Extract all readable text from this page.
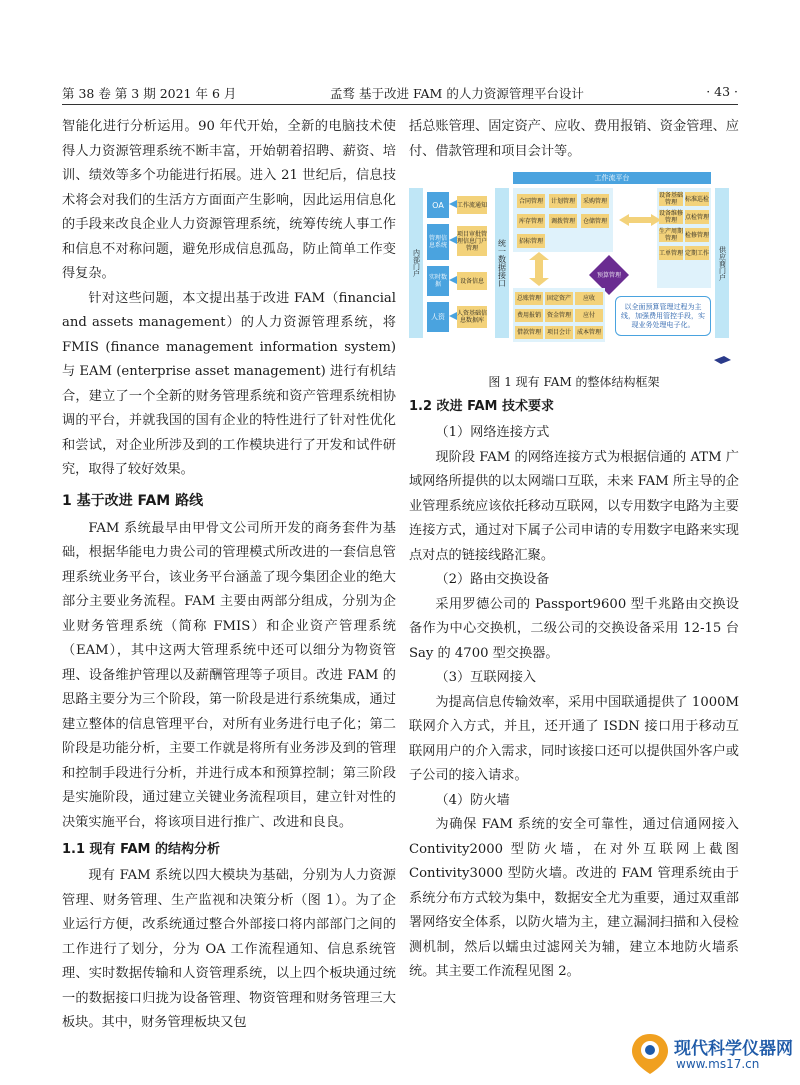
第 38 卷 第 3 期 2021 年 6 月	孟骛 基于改进 FAM 的人力资源管理平台设计	· 43 ·

智能化进行分析运用。90 年代开始，全新的电脑技术使得人力资源管理系统不断丰富，开始朝着招聘、薪资、培训、绩效等多个功能进行拓展。进入 21 世纪后，信息技术将会对我们的生活方方面面产生影响，因此运用信息化的手段来改良企业人力资源管理系统，统筹传统人事工作和信息不对称问题，避免形成信息孤岛，防止简单工作变得复杂。

针对这些问题，本文提出基于改进 FAM（financial and assets management）的人力资源管理系统，将 FMIS (finance management information system) 与 EAM (enterprise asset management) 进行有机结合，建立了一个全新的财务管理系统和资产管理系统相协调的平台，并就我国的国有企业的特性进行了针对性优化和尝试，对企业所涉及到的工作模块进行了开发和试件研究，取得了较好效果。

1 基于改进 FAM 路线

FAM 系统最早由甲骨文公司所开发的商务套件为基础，根据华能电力贵公司的管理模式所改进的一套信息管理系统业务平台，该业务平台涵盖了现今集团企业的绝大部分主要业务流程。FAM 主要由两部分组成，分别为企业财务管理系统（简称 FMIS）和企业资产管理系统（EAM），其中这两大管理系统中还可以细分为物资管理、设备维护管理以及薪酬管理等子项目。改进 FAM 的思路主要分为三个阶段，第一阶段是进行系统集成，通过建立整体的信息管理平台，对所有业务进行电子化；第二阶段是功能分析，主要工作就是将所有业务涉及到的管理和控制手段进行分析，并进行成本和预算控制；第三阶段是实施阶段，通过建立关键业务流程项目，建立针对性的决策实施平台，将该项目进行推广、改进和良良。

1.1 现有 FAM 的结构分析

现有 FAM 系统以四大模块为基础，分别为人力资源管理、财务管理、生产监视和决策分析（图 1）。为了企业运行方便，改系统通过整合外部接口将内部部门之间的工作进行了划分，分为 OA 工作流程通知、信息系统管理、实时数据传输和人资管理系统，以上四个板块通过统一的数据接口归拢为设备管理、物资管理和财务管理三大板块。其中，财务管理板块又包

括总账管理、固定资产、应收、费用报销、资金管理、应付、借款管理和项目会计等。

工作流平台
内部门户
OA
管理信息系统
实时数据
人资
工作流通知
项目审批管理信息门户管理
设备信息
人资基础信息数据库
统一数据接口	供应商门户
合同管理	计划管理	采购管理
库存管理	调拨管理	仓储管理
招标管理
设备基础管理	标准巡检
设备维修管理	点检管理
生产周期管理	检修管理
工单管理 定期工作
总账管理 固定资产	应收
费用报销 资金管理	应付
借款管理 项目会计 成本管理
预算管理
以全面预算管理过程为主线，加强费用管控手段，实现业务处理电子化。
图 1 现有 FAM 的整体结构框架
1.2 改进 FAM 技术要求

（1）网络连接方式

现阶段 FAM 的网络连接方式为根据信通的 ATM 广域网络所提供的以太网端口互联，未来 FAM 所主导的企业管理系统应该依托移动互联网，以专用数字电路为主要连接方式，通过对下属子公司申请的专用数字电路来实现点对点的链接线路汇聚。

（2）路由交换设备

采用罗德公司的 Passport9600 型千兆路由交换设备作为中心交换机，二级公司的交换设备采用 12-15 台 Say 的 4700 型交换器。

（3）互联网接入

为提高信息传输效率，采用中国联通提供了 1000M 联网介入方式，并且，还开通了 ISDN 接口用于移动互联网用户的介入需求，同时该接口还可以提供国外客户或子公司的接入请求。

（4）防火墙

为确保 FAM 系统的安全可靠性，通过信通网接入 Contivity2000 型防火墙，在对外互联网上截图 Contivity3000 型防火墙。改进的 FAM 管理系统由于系统分布方式较为集中，数据安全尤为重要，通过双重部署网络安全体系，以防火墙为主，建立漏洞扫描和入侵检测机制，然后以蠕虫过滤网关为辅，建立本地防火墙系统。其主要工作流程见图 2。

现代科学仪器网
www.ms17.cn
